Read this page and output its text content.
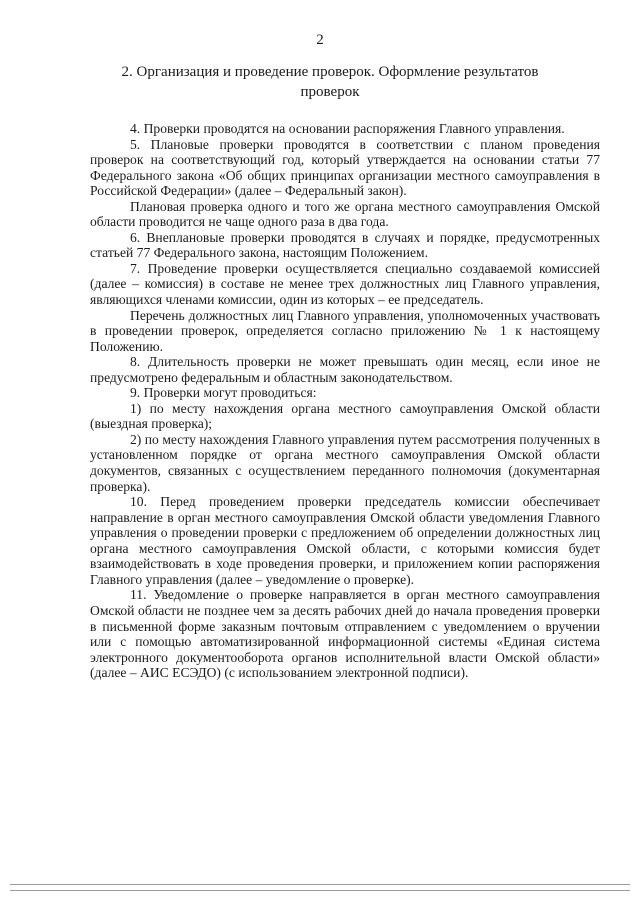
2
2. Организация и проведение проверок. Оформление результатов проверок

4. Проверки проводятся на основании распоряжения Главного управления.

5. Плановые проверки проводятся в соответствии с планом проведения проверок на соответствующий год, который утверждается на основании статьи 77 Федерального закона «Об общих принципах организации местного самоуправления в Российской Федерации» (далее – Федеральный закон).

Плановая проверка одного и того же органа местного самоуправления Омской области проводится не чаще одного раза в два года.

6. Внеплановые проверки проводятся в случаях и порядке, предусмотренных статьей 77 Федерального закона, настоящим Положением.

7. Проведение проверки осуществляется специально создаваемой комиссией (далее – комиссия) в составе не менее трех должностных лиц Главного управления, являющихся членами комиссии, один из которых – ее председатель.

Перечень должностных лиц Главного управления, уполномоченных участвовать в проведении проверок, определяется согласно приложению № 1 к настоящему Положению.

8. Длительность проверки не может превышать один месяц, если иное не предусмотрено федеральным и областным законодательством.

9. Проверки могут проводиться:

1) по месту нахождения органа местного самоуправления Омской области (выездная проверка);

2) по месту нахождения Главного управления путем рассмотрения полученных в установленном порядке от органа местного самоуправления Омской области документов, связанных с осуществлением переданного полномочия (документарная проверка).

10. Перед проведением проверки председатель комиссии обеспечивает направление в орган местного самоуправления Омской области уведомления Главного управления о проведении проверки с предложением об определении должностных лиц органа местного самоуправления Омской области, с которыми комиссия будет взаимодействовать в ходе проведения проверки, и приложением копии распоряжения Главного управления (далее – уведомление о проверке).

11. Уведомление о проверке направляется в орган местного самоуправления Омской области не позднее чем за десять рабочих дней до начала проведения проверки в письменной форме заказным почтовым отправлением с уведомлением о вручении или с помощью автоматизированной информационной системы «Единая система электронного документооборота органов исполнительной власти Омской области» (далее – АИС ЕСЭДО) (с использованием электронной подписи).
